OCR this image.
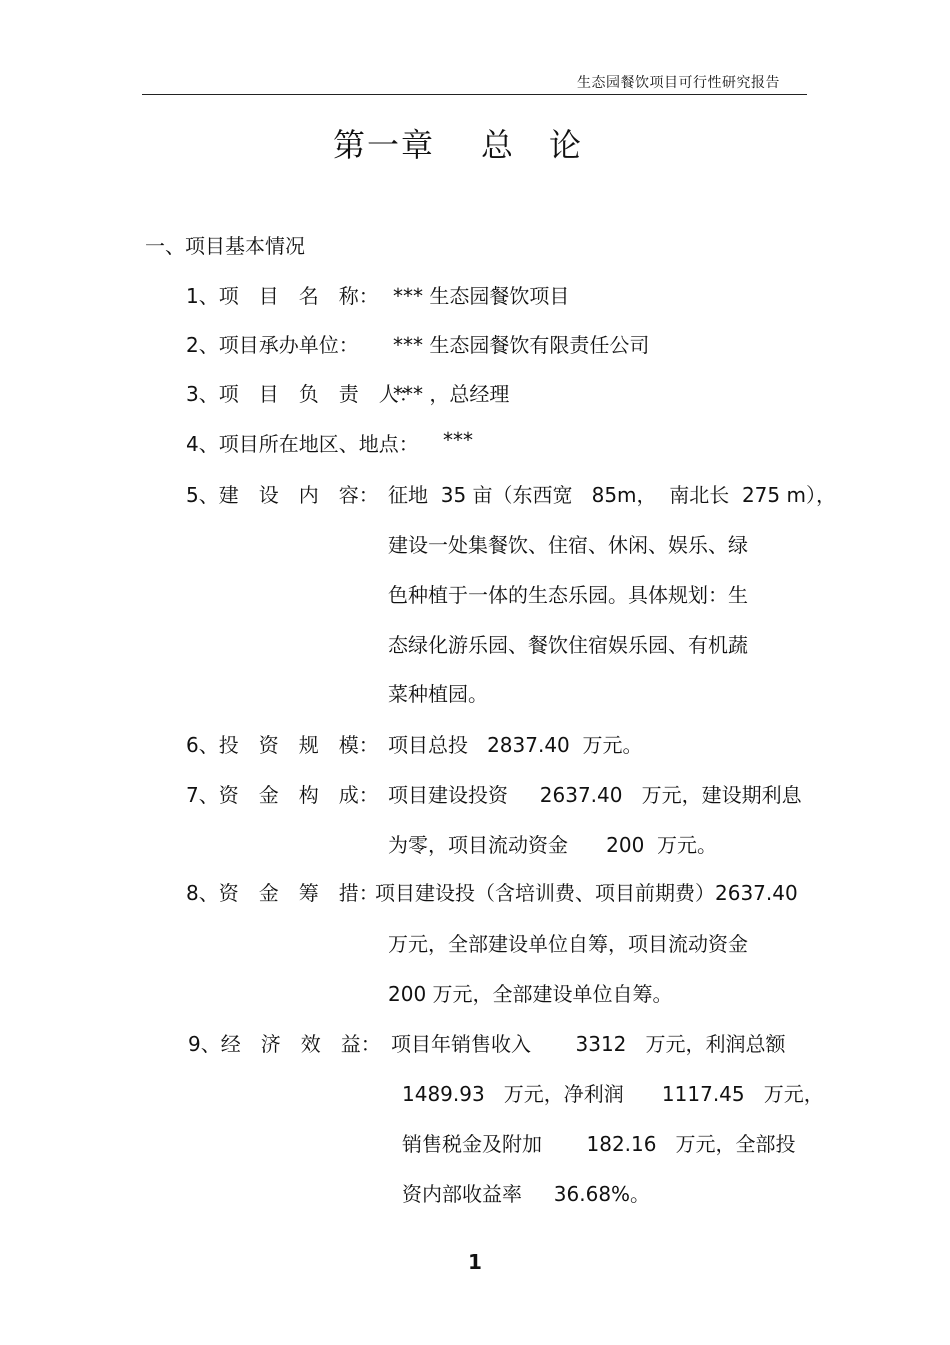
生态园餐饮项目可行性研究报告
第一章 总论
一、项目基本情况
1、项　目　名　称： *** 生态园餐饮项目
2、项目承办单位： *** 生态园餐饮有限责任公司
3、项　目　负　责　人：
*** ，总经理
4、项目所在地区、地点： ***
5、建　设　内　容： 征地  35 亩（东西宽   85m，  南北长  275 m），
建设一处集餐饮、住宿、休闲、娱乐、绿
色种植于一体的生态乐园。具体规划：生
态绿化游乐园、餐饮住宿娱乐园、有机蔬
菜种植园。
6、投　资　规　模： 项目总投   2837.40  万元。
7、资　金　构　成： 项目建设投资     2637.40   万元，建设期利息
为零，项目流动资金      200  万元。
8、资　金　筹　措：
项目建设投（含培训费、项目前期费）2637.40
万元，全部建设单位自筹，项目流动资金
200 万元，全部建设单位自筹。
9、经　济　效　益： 项目年销售收入       3312   万元，利润总额
1489.93   万元，净利润      1117.45   万元，
销售税金及附加       182.16   万元，全部投
资内部收益率     36.68%。
1
